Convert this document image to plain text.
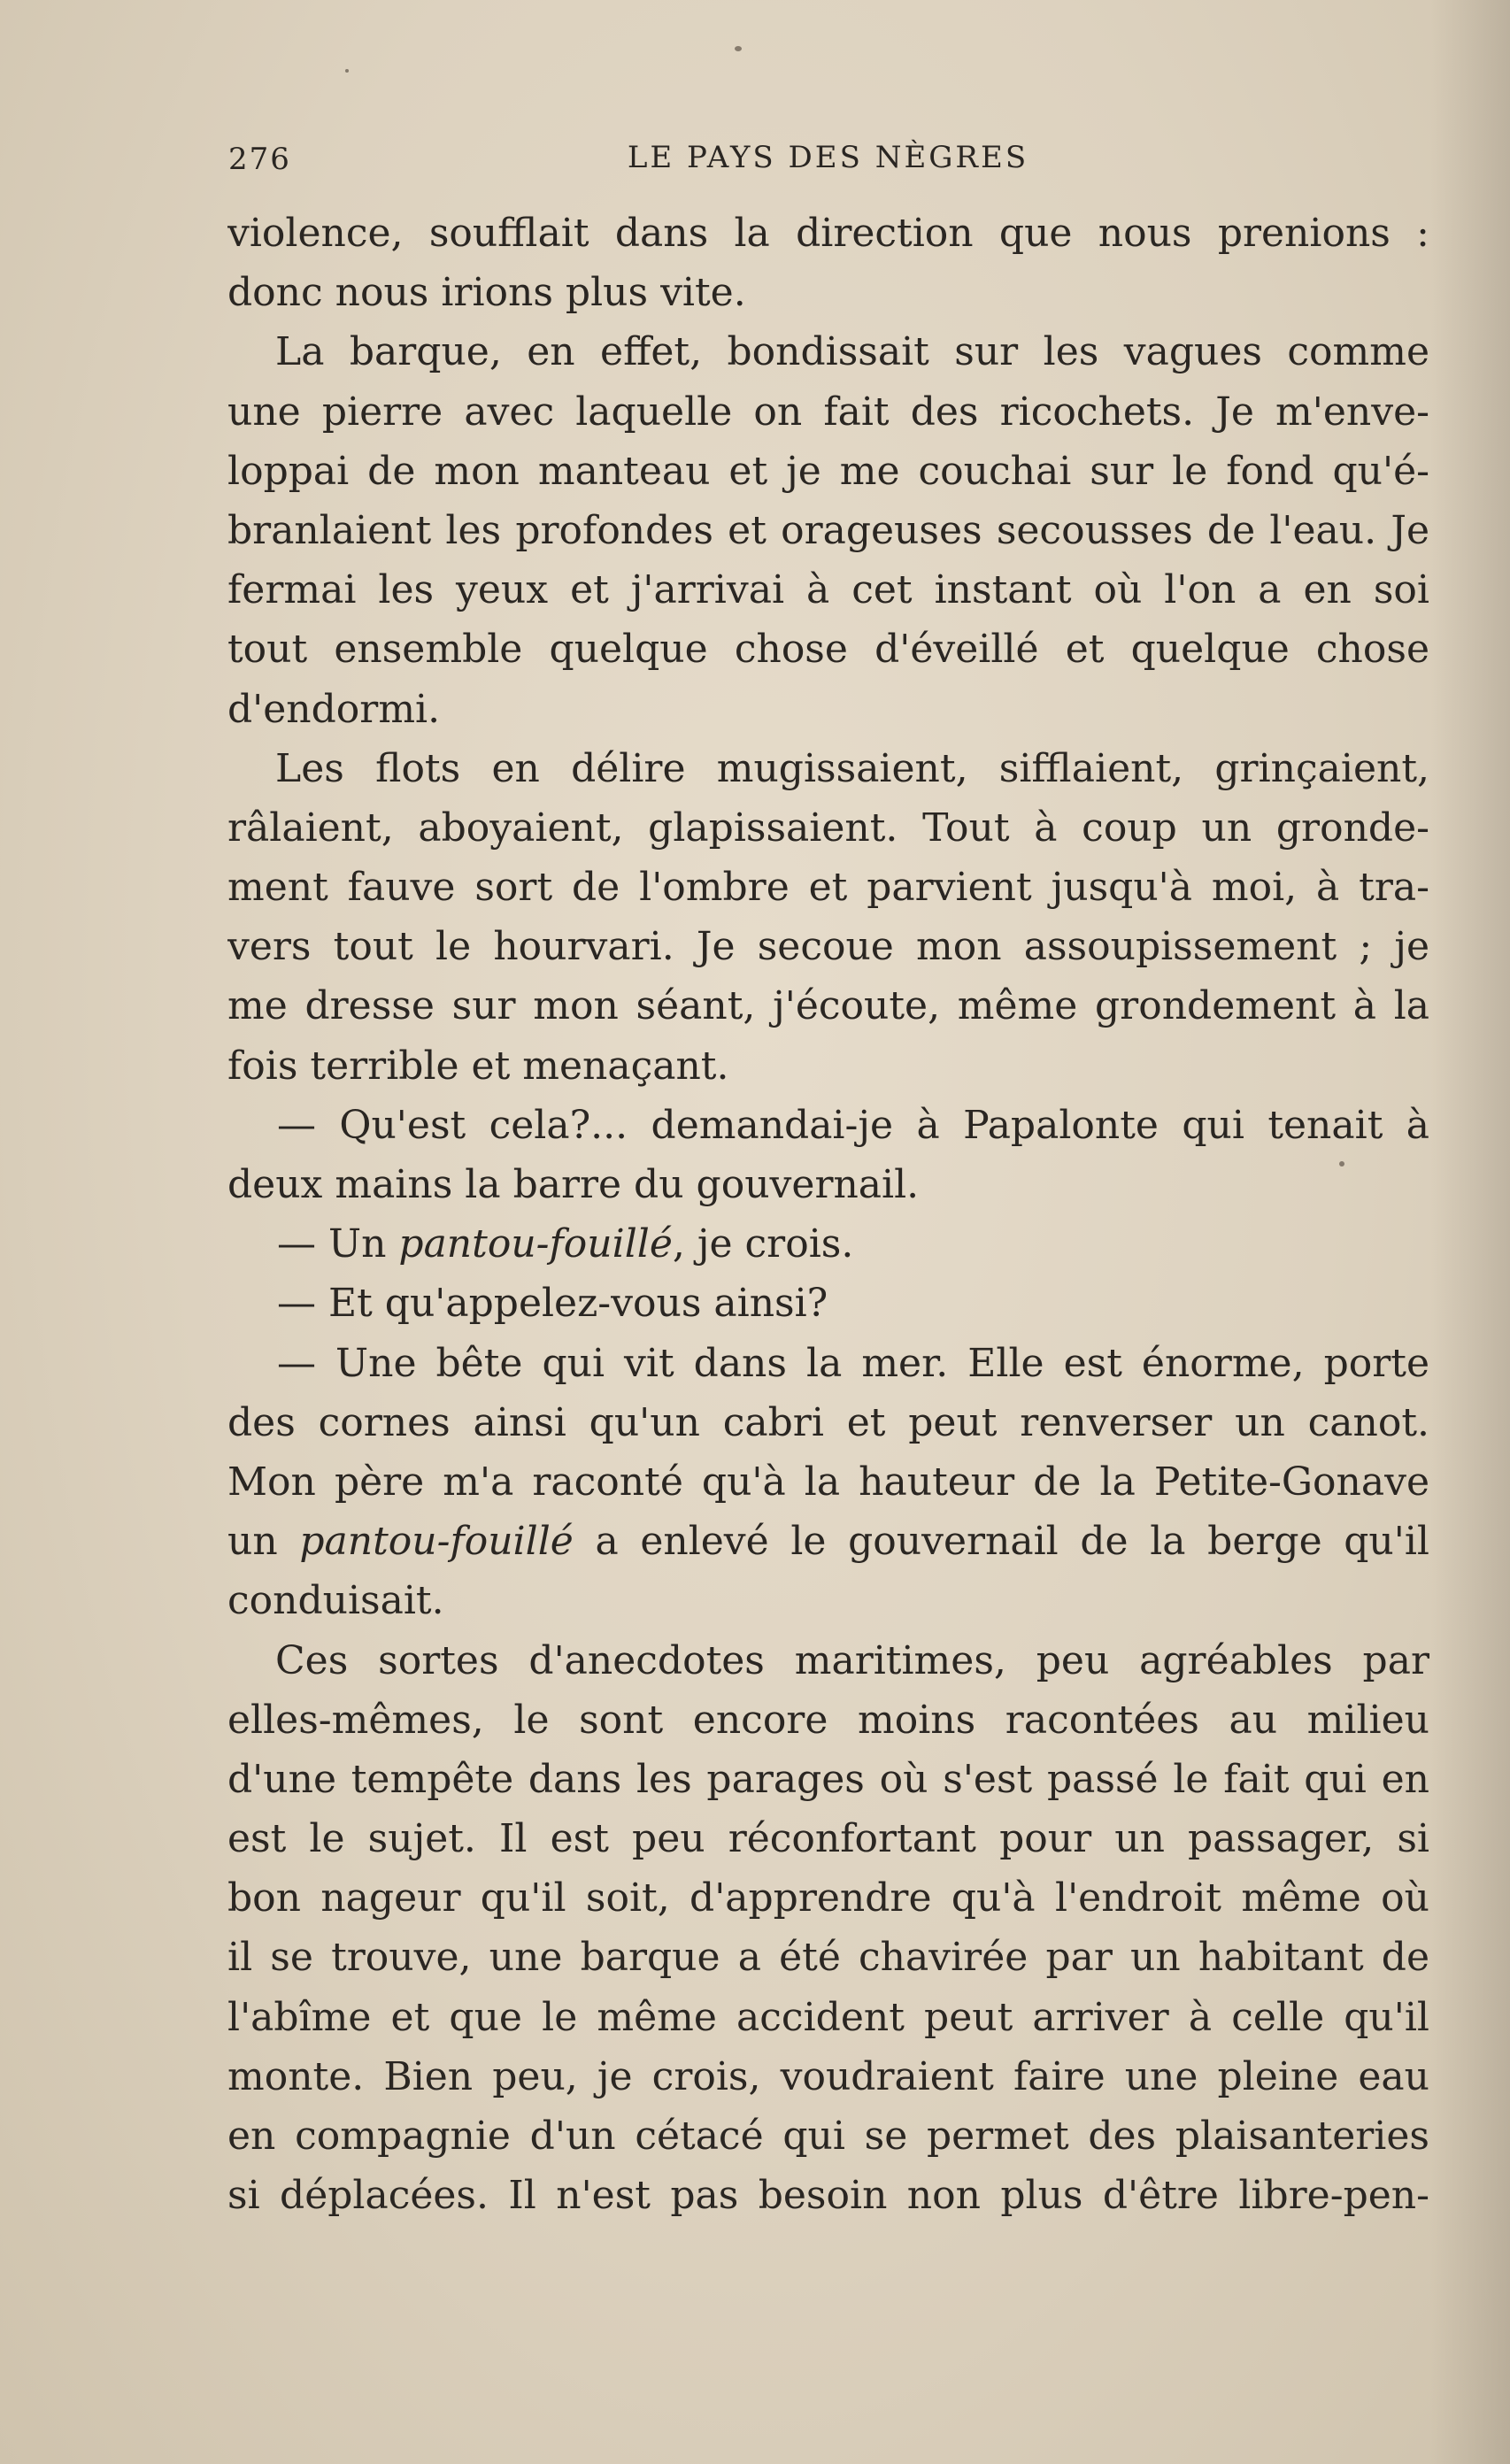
276	LE PAYS DES NÈGRES
violence, soufflait dans la direction que nous prenions :
donc nous irions plus vite.
La barque, en effet, bondissait sur les vagues comme
une pierre avec laquelle on fait des ricochets. Je m'enve-
loppai de mon manteau et je me couchai sur le fond qu'é-
branlaient les profondes et orageuses secousses de l'eau. Je
fermai les yeux et j'arrivai à cet instant où l'on a en soi
tout ensemble quelque chose d'éveillé et quelque chose
d'endormi.
Les flots en délire mugissaient, sifflaient, grinçaient,
râlaient, aboyaient, glapissaient. Tout à coup un gronde-
ment fauve sort de l'ombre et parvient jusqu'à moi, à tra-
vers tout le hourvari. Je secoue mon assoupissement ; je
me dresse sur mon séant, j'écoute, même grondement à la
fois terrible et menaçant.
— Qu'est cela?... demandai-je à Papalonte qui tenait à
deux mains la barre du gouvernail.
— Un pantou-fouillé, je crois.
— Et qu'appelez-vous ainsi?
— Une bête qui vit dans la mer. Elle est énorme, porte
des cornes ainsi qu'un cabri et peut renverser un canot.
Mon père m'a raconté qu'à la hauteur de la Petite-Gonave
un pantou-fouillé a enlevé le gouvernail de la berge qu'il
conduisait.
Ces sortes d'anecdotes maritimes, peu agréables par
elles-mêmes, le sont encore moins racontées au milieu
d'une tempête dans les parages où s'est passé le fait qui en
est le sujet. Il est peu réconfortant pour un passager, si
bon nageur qu'il soit, d'apprendre qu'à l'endroit même où
il se trouve, une barque a été chavirée par un habitant de
l'abîme et que le même accident peut arriver à celle qu'il
monte. Bien peu, je crois, voudraient faire une pleine eau
en compagnie d'un cétacé qui se permet des plaisanteries
si déplacées. Il n'est pas besoin non plus d'être libre-pen-
